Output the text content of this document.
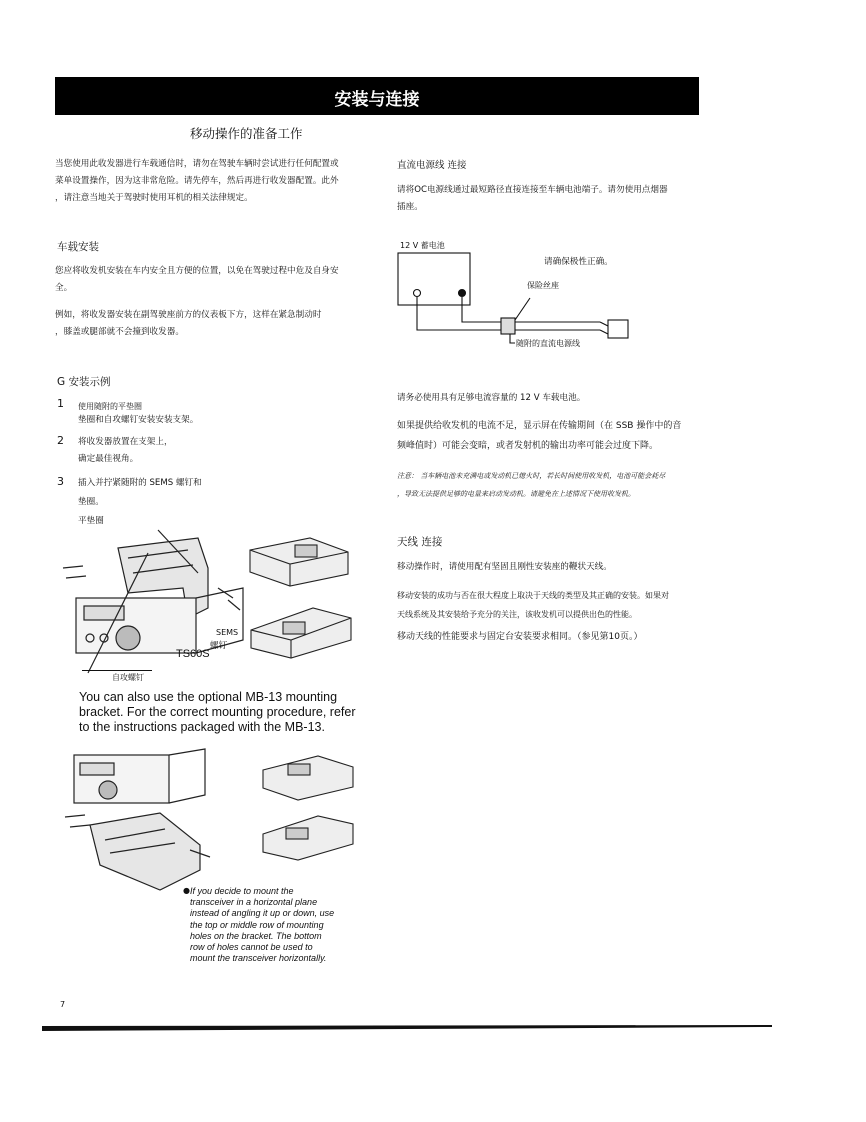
安装与连接
移动操作的准备工作
当您使用此收发器进行车载通信时，请勿在驾驶车辆时尝试进行任何配置或
菜单设置操作，因为这非常危险。请先停车，然后再进行收发器配置。此外
，请注意当地关于驾驶时使用耳机的相关法律规定。
车载安装
您应将收发机安装在车内安全且方便的位置，以免在驾驶过程中危及自身安
全。
例如，将收发器安装在副驾驶座前方的仪表板下方，这样在紧急制动时
，膝盖或腿部就不会撞到收发器。
G 安装示例
1 使用随附的平垫圈
垫圈和自攻螺钉安装安装支架。
2 将收发器放置在支架上，
确定最佳视角。
3 插入并拧紧随附的 SEMS 螺钉和
垫圈。
平垫圈
SEMS
螺钉
TS60S
自攻螺钉
You can also use the optional MB-13 mounting
bracket. For the correct mounting procedure, refer
to the instructions packaged with the MB-13.
● If you decide to mount the
transceiver in a horizontal plane
instead of angling it up or down, use
the top or middle row of mounting
holes on the bracket. The bottom
row of holes cannot be used to
mount the transceiver horizontally.
直流电源线 连接
请将OC电源线通过最短路径直接连接至车辆电池端子。请勿使用点烟器
插座。
12 V 蓄电池
请确保极性正确。
保险丝座
随附的直流电源线
请务必使用具有足够电流容量的 12 V 车载电池。
如果提供给收发机的电流不足，显示屏在传输期间（在 SSB 操作中的音
频峰值时）可能会变暗，或者发射机的输出功率可能会过度下降。
注意： 当车辆电池未充满电或发动机已熄火时，若长时间使用收发机，电池可能会耗尽
，导致无法提供足够的电量来启动发动机。请避免在上述情况下使用收发机。
天线 连接
移动操作时，请使用配有坚固且刚性安装座的鞭状天线。
移动安装的成功与否在很大程度上取决于天线的类型及其正确的安装。如果对
天线系统及其安装给予充分的关注，该收发机可以提供出色的性能。
移动天线的性能要求与固定台安装要求相同。（参见第10页。）
7
